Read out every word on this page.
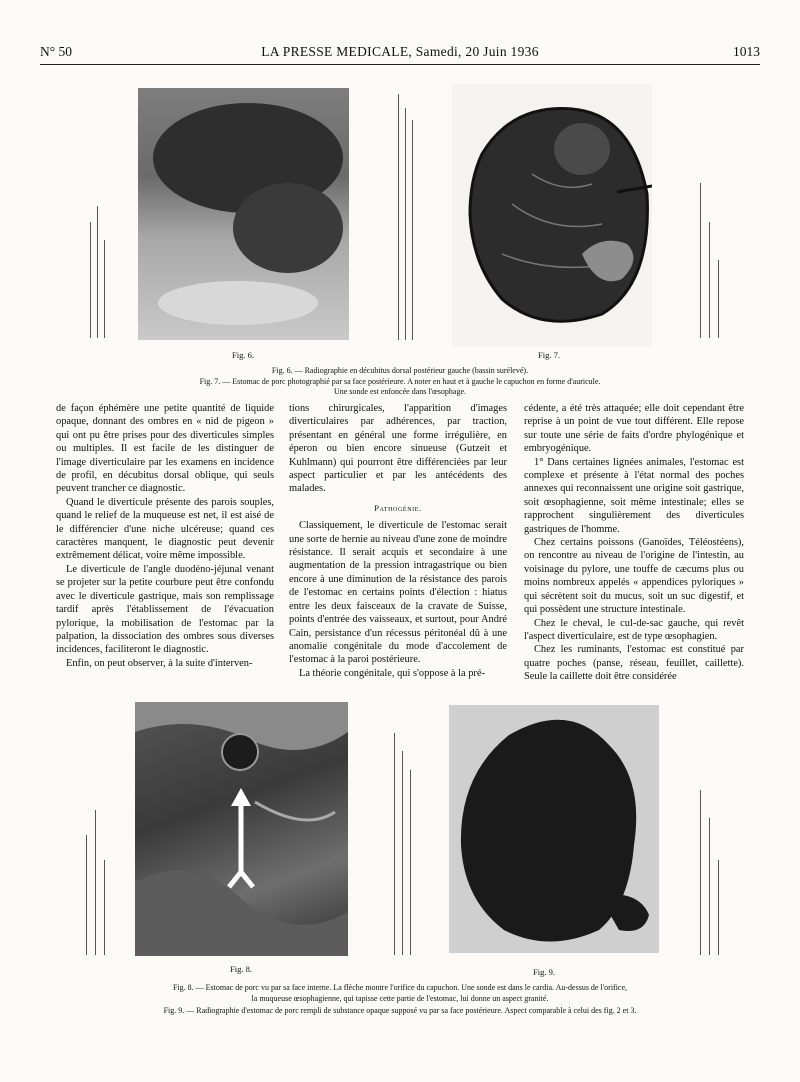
N° 50	LA PRESSE MEDICALE, Samedi, 20 Juin 1936	1013
Fig. 6.	Fig. 7.
Fig. 6. — Radiographie en décubitus dorsal postérieur gauche (bassin surélevé).
Fig. 7. — Estomac de porc photographié par sa face postérieure. A noter en haut et à gauche le capuchon en forme d'auricule.
Une sonde est enfoncée dans l'œsophage.

de façon éphémère une petite quantité de liquide opaque, donnant des ombres en « nid de pigeon » qui ont pu être prises pour des diverticules simples ou multiples. Il est facile de les distinguer de l'image diverticulaire par les examens en incidence de profil, en décubitus dorsal oblique, qui seuls peuvent trancher ce diagnostic.

Quand le diverticule présente des parois souples, quand le relief de la muqueuse est net, il est aisé de le différencier d'une niche ulcéreuse; quand ces caractères manquent, le diagnostic peut devenir extrêmement délicat, voire même impossible.

Le diverticule de l'angle duodéno-jéjunal venant se projeter sur la petite courbure peut être confondu avec le diverticule gastrique, mais son remplissage tardif après l'établissement de l'évacuation pylorique, la mobilisation de l'estomac par la palpation, la dissociation des ombres sous diverses incidences, faciliteront le diagnostic.

Enfin, on peut observer, à la suite d'interven-

tions chirurgicales, l'apparition d'images diverticulaires par adhérences, par traction, présentant en général une forme irrégulière, en éperon ou bien encore sinueuse (Gutzeit et Kuhlmann) qui pourront être différenciées par leur aspect particulier et par les antécédents des malades.

Pathogénie.

Classiquement, le diverticule de l'estomac serait une sorte de hernie au niveau d'une zone de moindre résistance. Il serait acquis et secondaire à une augmentation de la pression intragastrique ou bien encore à une diminution de la résistance des parois de l'estomac en certains points d'élection : hiatus entre les deux faisceaux de la cravate de Suisse, points d'entrée des vaisseaux, et surtout, pour André Cain, persistance d'un récessus péritonéal dû à une anomalie congénitale du mode d'accolement de l'estomac à la paroi postérieure.

La théorie congénitale, qui s'oppose à la pré-

cédente, a été très attaquée; elle doit cependant être reprise à un point de vue tout différent. Elle repose sur toute une série de faits d'ordre phylogénique et embryogénique.

1° Dans certaines lignées animales, l'estomac est complexe et présente à l'état normal des poches annexes qui reconnaissent une origine soit gastrique, soit œsophagienne, soit même intestinale; elles se rapprochent singulièrement des diverticules gastriques de l'homme.

Chez certains poissons (Ganoïdes, Téléostéens), on rencontre au niveau de l'origine de l'intestin, au voisinage du pylore, une touffe de cæcums plus ou moins nombreux appelés « appendices pyloriques » qui sécrètent soit du mucus, soit un suc digestif, et qui possèdent une structure intestinale.

Chez le cheval, le cul-de-sac gauche, qui revêt l'aspect diverticulaire, est de type œsophagien.

Chez les ruminants, l'estomac est constitué par quatre poches (panse, réseau, feuillet, caillette). Seule la caillette doit être considérée

Fig. 8.	Fig. 9.
Fig. 8. — Estomac de porc vu par sa face interne. La flèche montre l'orifice du capuchon. Une sonde est dans le cardia. Au-dessus de l'orifice,
la muqueuse œsophagienne, qui tapisse cette partie de l'estomac, lui donne un aspect granité.
Fig. 9. — Radiographie d'estomac de porc rempli de substance opaque supposé vu par sa face postérieure. Aspect comparable à celui des fig. 2 et 3.
